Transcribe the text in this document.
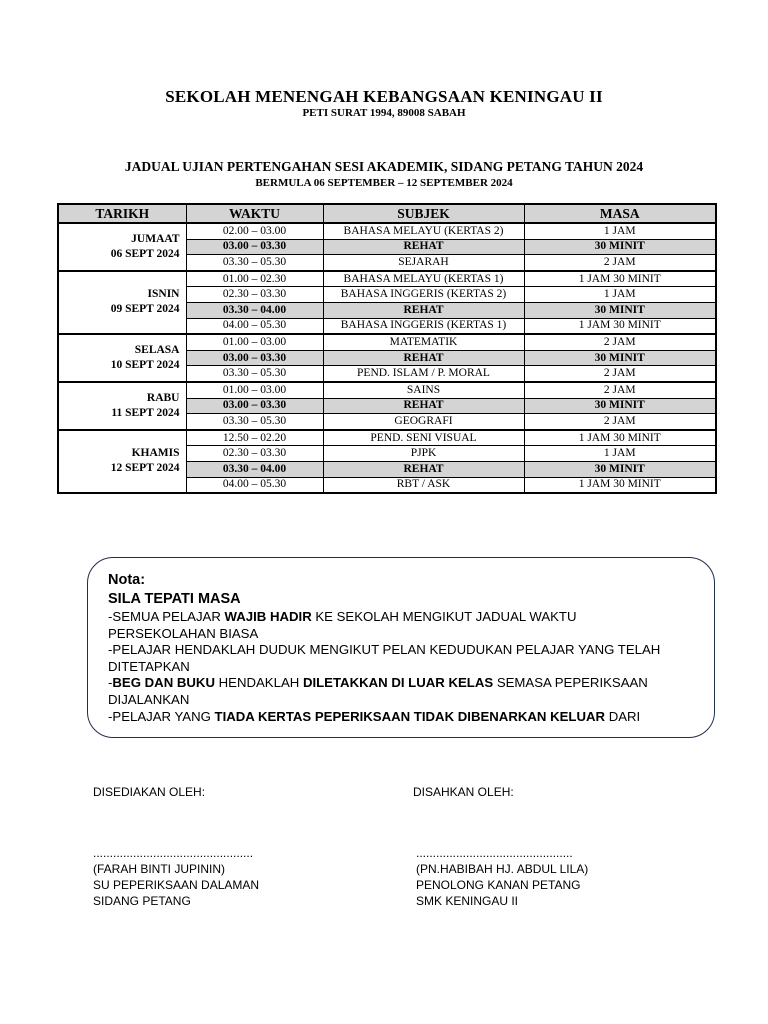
SEKOLAH MENENGAH KEBANGSAAN KENINGAU II
PETI SURAT 1994, 89008 SABAH
JADUAL UJIAN PERTENGAHAN SESI AKADEMIK, SIDANG PETANG TAHUN 2024
BERMULA 06 SEPTEMBER – 12 SEPTEMBER 2024
TARIKH	WAKTU	SUBJEK	MASA

JUMAAT
06 SEPT 2024	02.00 – 03.00	BAHASA MELAYU (KERTAS 2)	1 JAM
	03.00 – 03.30	REHAT	30 MINIT
	03.30 – 05.30	SEJARAH	2 JAM

ISNIN
09 SEPT 2024	01.00 – 02.30	BAHASA MELAYU (KERTAS 1)	1 JAM 30 MINIT
	02.30 – 03.30	BAHASA INGGERIS (KERTAS 2)	1 JAM
	03.30 – 04.00	REHAT	30 MINIT
	04.00 – 05.30	BAHASA INGGERIS (KERTAS 1)	1 JAM 30 MINIT

SELASA
10 SEPT 2024	01.00 – 03.00	MATEMATIK	2 JAM
	03.00 – 03.30	REHAT	30 MINIT
	03.30 – 05.30	PEND. ISLAM / P. MORAL	2 JAM

RABU
11 SEPT 2024	01.00 – 03.00	SAINS	2 JAM
	03.00 – 03.30	REHAT	30 MINIT
	03.30 – 05.30	GEOGRAFI	2 JAM

KHAMIS
12 SEPT 2024	12.50 – 02.20	PEND. SENI VISUAL	1 JAM 30 MINIT
	02.30 – 03.30	PJPK	1 JAM
	03.30 – 04.00	REHAT	30 MINIT
	04.00 – 05.30	RBT / ASK	1 JAM 30 MINIT
Nota:
SILA TEPATI MASA
-SEMUA PELAJAR WAJIB HADIR KE SEKOLAH MENGIKUT JADUAL WAKTU
PERSEKOLAHAN BIASA
-PELAJAR HENDAKLAH DUDUK MENGIKUT PELAN KEDUDUKAN PELAJAR YANG TELAH
DITETAPKAN
-BEG DAN BUKU HENDAKLAH DILETAKKAN DI LUAR KELAS SEMASA PEPERIKSAAN
DIJALANKAN
-PELAJAR YANG TIADA KERTAS PEPERIKSAAN TIDAK DIBENARKAN KELUAR DARI
DISEDIAKAN OLEH:	DISAHKAN OLEH:
................................................
(FARAH BINTI JUPININ)
SU PEPERIKSAAN DALAMAN
SIDANG PETANG
...............................................
(PN.HABIBAH HJ. ABDUL LILA)
PENOLONG KANAN PETANG
SMK KENINGAU II
